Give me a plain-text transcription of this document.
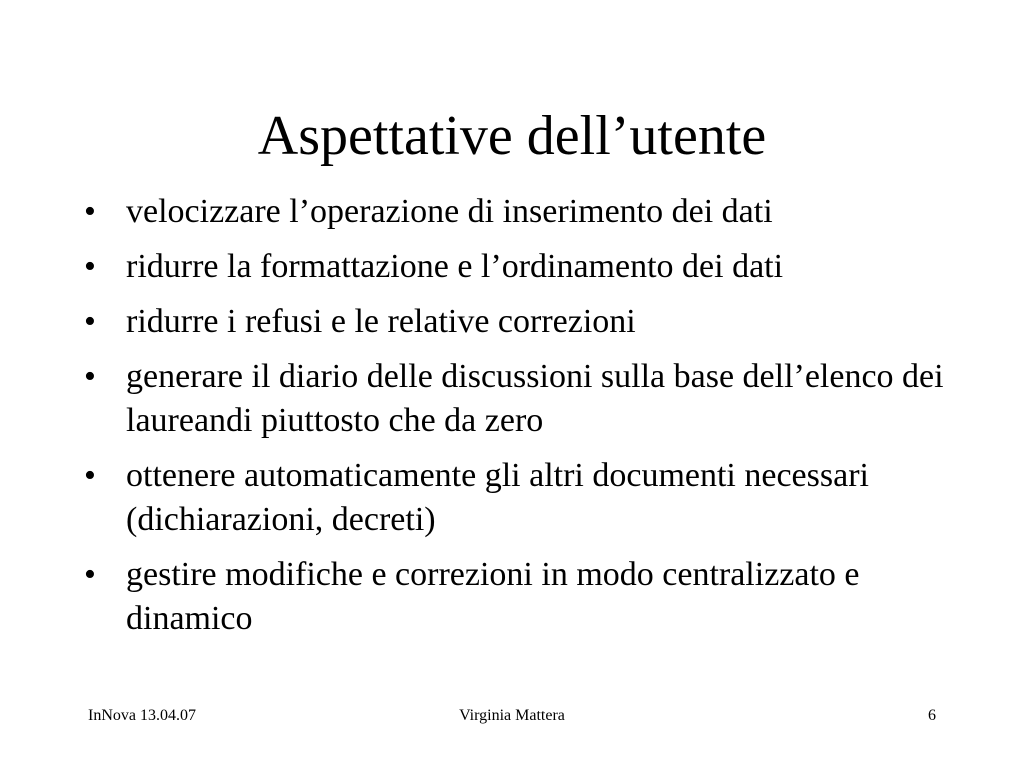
Aspettative dell’utente
• velocizzare l’operazione di inserimento dei dati
• ridurre la formattazione e l’ordinamento dei dati
• ridurre i refusi e le relative correzioni
• generare il diario delle discussioni sulla base dell’elenco dei laureandi piuttosto che da zero
• ottenere automaticamente gli altri documenti necessari (dichiarazioni, decreti)
• gestire modifiche e correzioni in modo centralizzato e dinamico
InNova 13.04.07	Virginia Mattera	6
